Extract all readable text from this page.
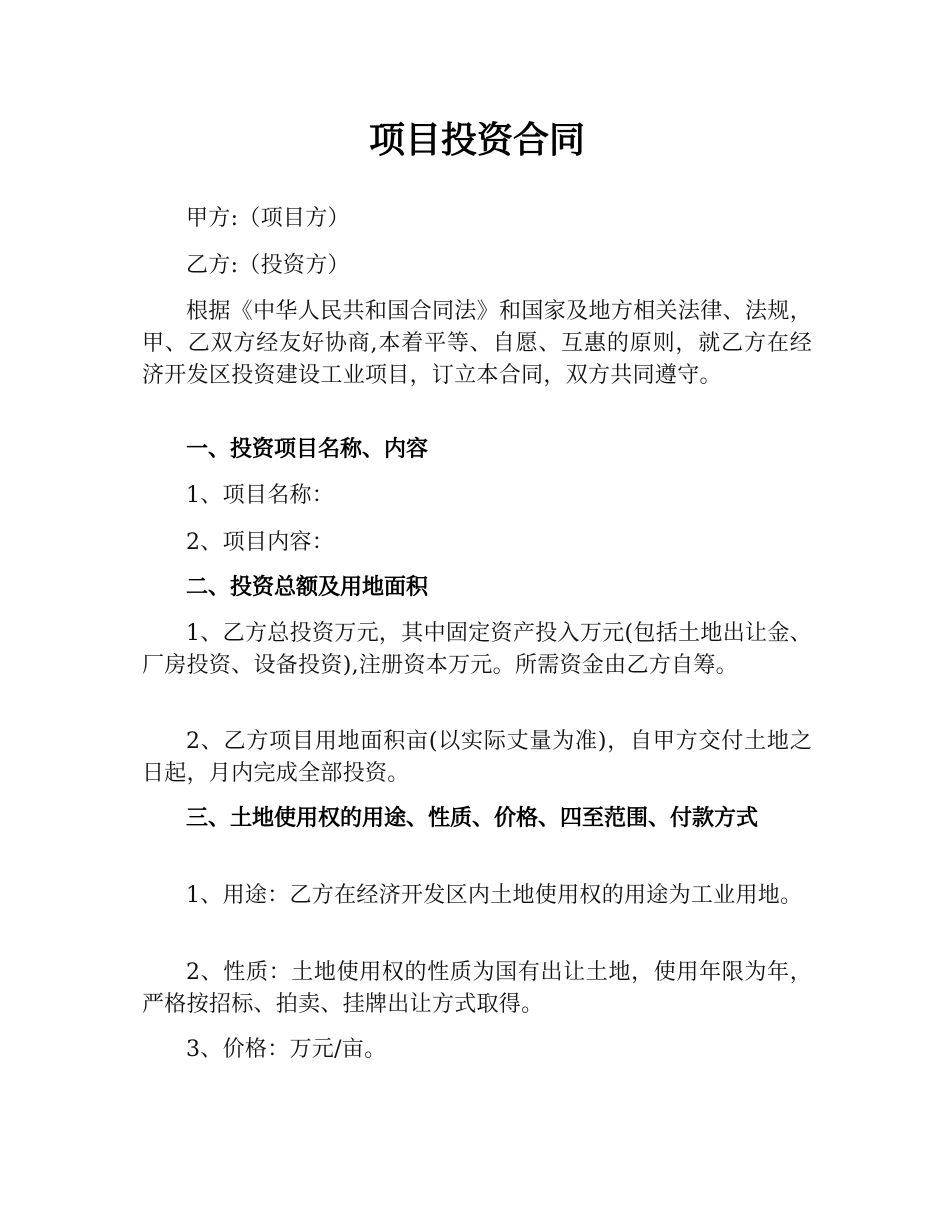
项目投资合同

甲方:（项目方）

乙方:（投资方）

根据《中华人民共和国合同法》和国家及地方相关法律、法规，甲、乙双方经友好协商,本着平等、自愿、互惠的原则，就乙方在经济开发区投资建设工业项目，订立本合同，双方共同遵守。

一、投资项目名称、内容

1、项目名称：

2、项目内容：

二、投资总额及用地面积

1、乙方总投资万元，其中固定资产投入万元(包括土地出让金、厂房投资、设备投资),注册资本万元。所需资金由乙方自筹。

2、乙方项目用地面积亩(以实际丈量为准)，自甲方交付土地之日起，月内完成全部投资。

三、土地使用权的用途、性质、价格、四至范围、付款方式

1、用途：乙方在经济开发区内土地使用权的用途为工业用地。

2、性质：土地使用权的性质为国有出让土地，使用年限为年，严格按招标、拍卖、挂牌出让方式取得。

3、价格：万元/亩。
